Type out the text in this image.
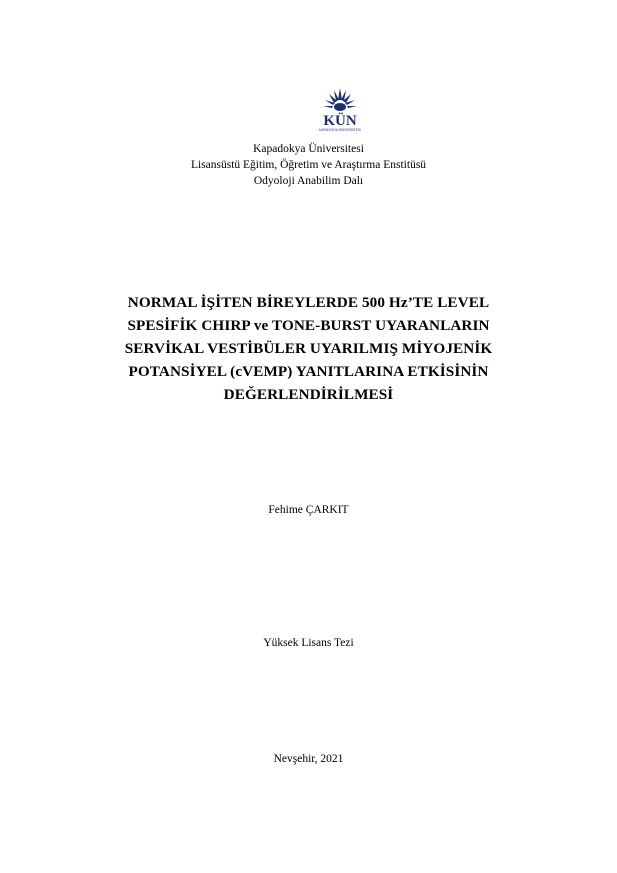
KÜN
KAPADOKYA ÜNİVERSİTESİ
Kapadokya Üniversitesi
Lisansüstü Eğitim, Öğretim ve Araştırma Enstitüsü
Odyoloji Anabilim Dalı
NORMAL İŞİTEN BİREYLERDE 500 Hz’TE LEVEL
SPESİFİK CHIRP ve TONE-BURST UYARANLARIN
SERVİKAL VESTİBÜLER UYARILMIŞ MİYOJENİK
POTANSİYEL (cVEMP) YANITLARINA ETKİSİNİN
DEĞERLENDİRİLMESİ
Fehime ÇARKIT
Yüksek Lisans Tezi
Nevşehir, 2021
